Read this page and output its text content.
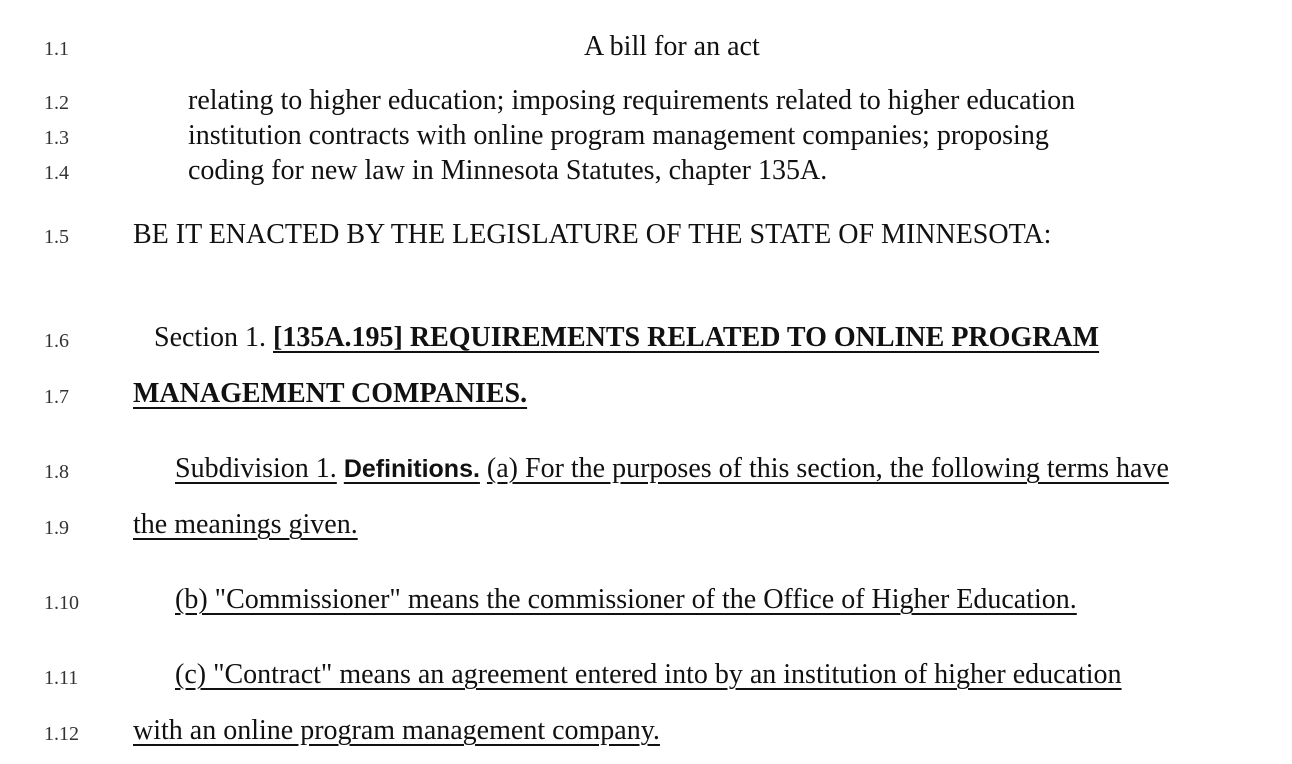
1.1
1.2
1.3
1.4
1.5
1.6
1.7
1.8
1.9
1.10
1.11
1.12
A bill for an act
relating to higher education; imposing requirements related to higher education
institution contracts with online program management companies; proposing
coding for new law in Minnesota Statutes, chapter 135A.
BE IT ENACTED BY THE LEGISLATURE OF THE STATE OF MINNESOTA:
Section 1. [135A.195] REQUIREMENTS RELATED TO ONLINE PROGRAM
MANAGEMENT COMPANIES.
Subdivision 1. Definitions. (a) For the purposes of this section, the following terms have
the meanings given.
(b) "Commissioner" means the commissioner of the Office of Higher Education.
(c) "Contract" means an agreement entered into by an institution of higher education
with an online program management company.
